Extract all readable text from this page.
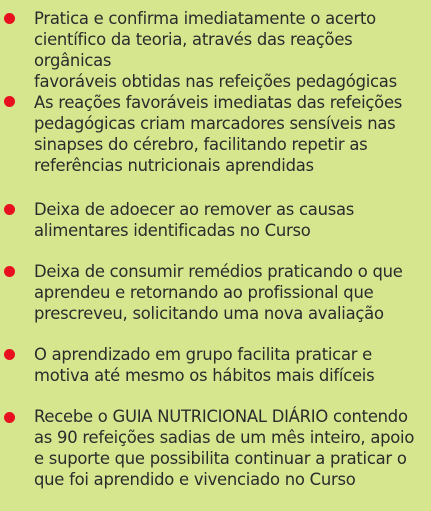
Pratica e confirma imediatamente o acerto
científico da teoria, através das reações orgânicas
favoráveis obtidas nas refeições pedagógicas
As reações favoráveis imediatas das refeições
pedagógicas criam marcadores sensíveis nas
sinapses do cérebro, facilitando repetir as
referências nutricionais aprendidas
Deixa de adoecer ao remover as causas
alimentares identificadas no Curso
Deixa de consumir remédios praticando o que
aprendeu e retornando ao profissional que
prescreveu, solicitando uma nova avaliação
O aprendizado em grupo facilita praticar e
motiva até mesmo os hábitos mais difíceis
Recebe o GUIA NUTRICIONAL DIÁRIO contendo
as 90 refeições sadias de um mês inteiro, apoio
e suporte que possibilita continuar a praticar o
que foi aprendido e vivenciado no Curso
